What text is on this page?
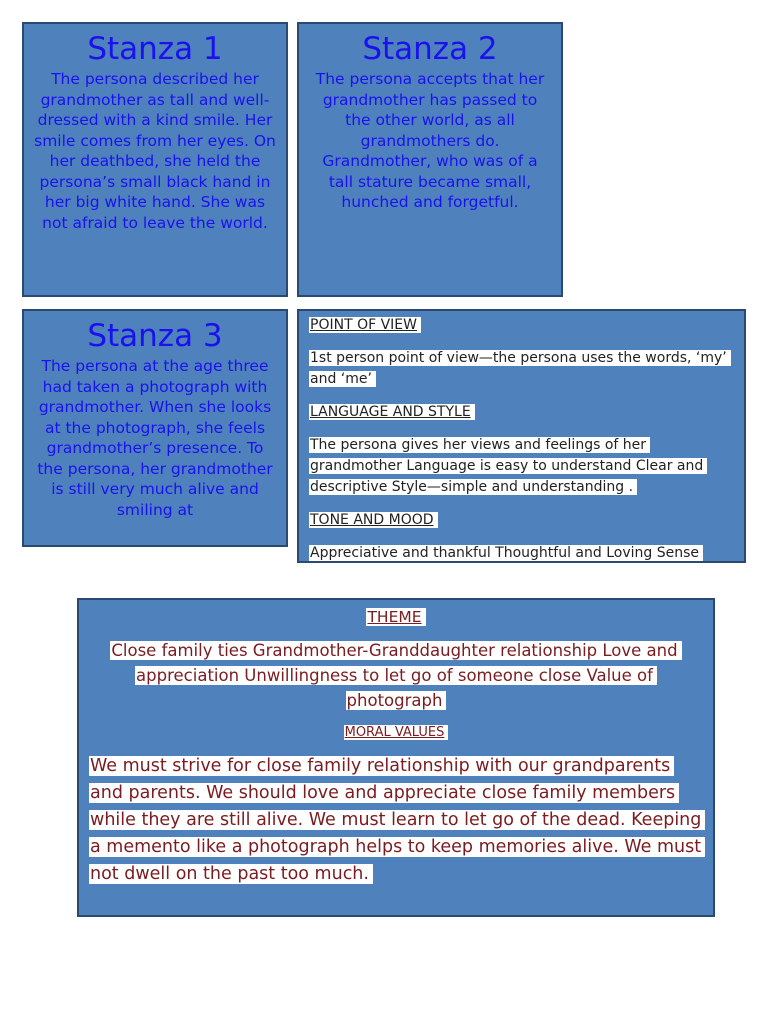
Stanza 1

The persona described her grandmother as tall and well-dressed with a kind smile. Her smile comes from her eyes. On her deathbed, she held the persona’s small black hand in her big white hand. She was not afraid to leave the world.

Stanza 2

The persona accepts that her grandmother has passed to the other world, as all grandmothers do. Grandmother, who was of a tall stature became small, hunched and forgetful.

Stanza 3

The persona at the age three had taken a photograph with grandmother. When she looks at the photograph, she feels grandmother’s presence. To the persona, her grandmother is still very much alive and smiling at

POINT OF VIEW

1st person point of view—the persona uses the words, ‘my’ and ‘me’

LANGUAGE AND STYLE

The persona gives her views and feelings of her grandmother Language is easy to understand Clear and descriptive Style—simple and understanding .

TONE AND MOOD

Appreciative and thankful Thoughtful and Loving Sense

THEME

Close family ties Grandmother-Granddaughter relationship Love and appreciation Unwillingness to let go of someone close Value of photograph

MORAL VALUES

We must strive for close family relationship with our grandparents and parents. We should love and appreciate close family members while they are still alive. We must learn to let go of the dead. Keeping a memento like a photograph helps to keep memories alive. We must not dwell on the past too much.
